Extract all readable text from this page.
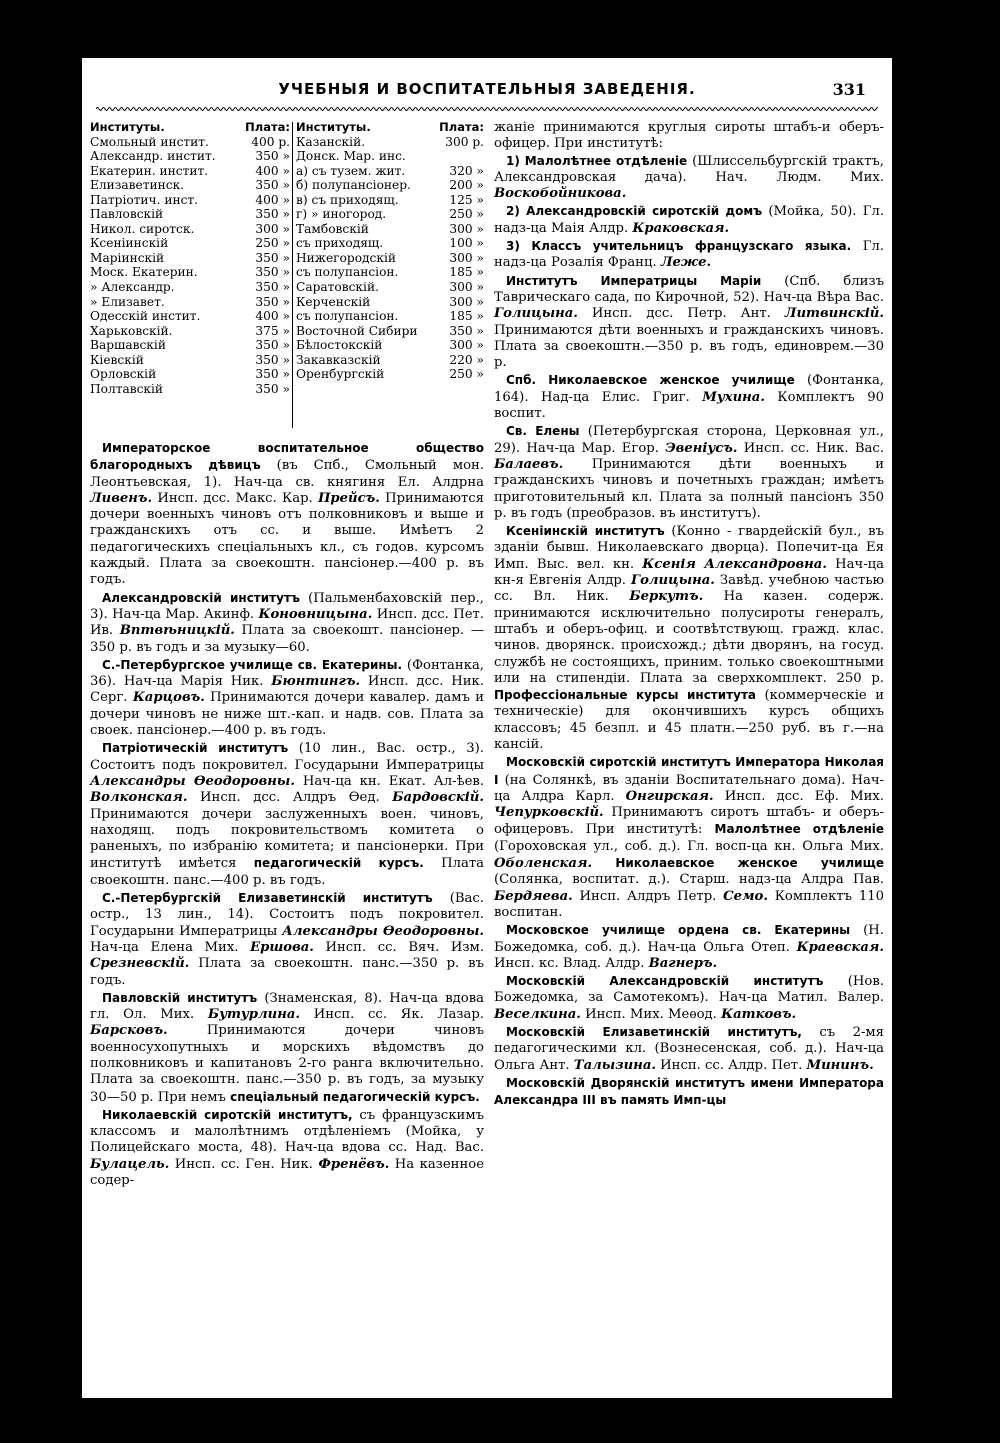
УЧЕБНЫЯ И ВОСПИТАТЕЛЬНЫЯ ЗАВЕДЕНІЯ.	331
Институты.	Плата:
Смольный инстит.	400 р.
Александр. инстит.	350 »
Екатерин. инстит.	400 »
Елизаветинск.	350 »
Патріотич. инст.	400 »
Павловскій	350 »
Никол. сиротск.	300 »
Ксеніинскій	250 »
Маріинскій	350 »
Моск. Екатерин.	350 »
» Александр.	350 »
» Елизавет.	350 »
Одесскій инстит.	400 »
Харьковскій.	375 »
Варшавскій	350 »
Кіевскій	350 »
Орловскій	350 »
Полтавскій	350 »
Институты.	Плата:
Казанскій.	300 р.
Донск. Мар. инс.
а) съ тузем. жит.	320 »
б) полупансіонер.	200 »
в) съ приходящ.	125 »
г) » иногород.	250 »
Тамбовскій	300 »
съ приходящ.	100 »
Нижегородскій	300 »
съ полупансіон.	185 »
Саратовскій.	300 »
Керченскій	300 »
съ полупансіон.	185 »
Восточной Сибири	350 »
Бѣлостокскій	300 »
Закавказскій	220 »
Оренбургскій	250 »

Императорское воспитательное общество благородныхъ дѣвицъ (въ Спб., Смольный мон. Леонтьевская, 1). Нач-ца св. княгиня Ел. Алдрна Ливенъ. Инсп. дсс. Макс. Кар. Прейсъ. Принимаются дочери военныхъ чиновъ отъ полковниковъ и выше и гражданскихъ отъ сс. и выше. Имѣетъ 2 педагогическихъ спеціальныхъ кл., съ годов. курсомъ каждый. Плата за своекоштн. пансіонер.—400 р. въ годъ.

Александровскій институтъ (Пальменбаховскій пер., 3). Нач-ца Мар. Акинф. Коновницына. Инсп. дсс. Пет. Ив. Вптвѣницкій. Плата за своекошт. пансіонер. — 350 р. въ годъ и за музыку—60.

С.-Петербургское училище св. Екатерины. (Фонтанка, 36). Нач-ца Марія Ник. Бюнтингъ. Инсп. дсс. Ник. Серг. Карцовъ. Принимаются дочери кавалер. дамъ и дочери чиновъ не ниже шт.-кап. и надв. сов. Плата за своек. пансіонер.—400 р. въ годъ.

Патріотическій институтъ (10 лин., Вас. остр., 3). Состоитъ подъ покровител. Государыни Императрицы Александры Ѳеодоровны. Нач-ца кн. Екат. Ал-ѣев. Волконская. Инсп. дсс. Алдръ Ѳед. Бардовскій. Принимаются дочери заслуженныхъ воен. чиновъ, находящ. подъ покровительствомъ комитета о раненыхъ, по избранію комитета; и пансіонерки. При институтѣ имѣется педагогическій курсъ. Плата своекоштн. панс.—400 р. въ годъ.

С.-Петербургскій Елизаветинскій институтъ (Вас. остр., 13 лин., 14). Состоитъ подъ покровител. Государыни Императрицы Александры Ѳеодоровны. Нач-ца Елена Мих. Ершова. Инсп. сс. Вяч. Изм. Срезневскій. Плата за своекоштн. панс.—350 р. въ годъ.

Павловскій институтъ (Знаменская, 8). Нач-ца вдова гл. Ол. Мих. Бутурлина. Инсп. сс. Як. Лазар. Барсковъ. Принимаются дочери чиновъ военносухопутныхъ и морскихъ вѣдомствъ до полковниковъ и капитановъ 2-го ранга включительно. Плата за своекоштн. панс.—350 р. въ годъ, за музыку 30—50 р. При немъ спеціальный педагогическій курсъ.

Николаевскій сиротскій институтъ, съ французскимъ классомъ и малолѣтнимъ отдѣленіемъ (Мойка, у Полицейскаго моста, 48). Нач-ца вдова сс. Над. Вас. Булацель. Инсп. сс. Ген. Ник. Френёвъ. На казенное содер-

жаніе принимаются круглыя сироты штабъ-и оберъ-офицер. При институтѣ:

1) Малолѣтнее отдѣленіе (Шлиссельбургскій трактъ, Александровская дача). Нач. Людм. Мих. Воскобойникова.

2) Александровскій сиротскій домъ (Мойка, 50). Гл. надз-ца Маія Алдр. Краковская.

3) Классъ учительницъ французскаго языка. Гл. надз-ца Розалія Франц. Леже.

Институтъ Императрицы Маріи (Спб. близъ Таврическаго сада, по Кирочной, 52). Нач-ца Вѣра Вас. Голицына. Инсп. дсс. Петр. Ант. Литвинскій. Принимаются дѣти военныхъ и гражданскихъ чиновъ. Плата за своекоштн.—350 р. въ годъ, единоврем.—30 р.

Спб. Николаевское женское училище (Фонтанка, 164). Над-ца Елис. Григ. Мухина. Комплектъ 90 воспит.

Св. Елены (Петербургская сторона, Церковная ул., 29). Нач-ца Мар. Егор. Эвенiусъ. Инсп. сс. Ник. Вас. Балаевъ. Принимаются дѣти военныхъ и гражданскихъ чиновъ и почетныхъ граждан; имѣетъ приготовительный кл. Плата за полный пансіонъ 350 р. въ годъ (преобразов. въ институтъ).

Ксеніинскій институтъ (Конно - гвардейскій бул., въ зданіи бывш. Николаевскаго дворца). Попечит-ца Ея Имп. Выс. вел. кн. Ксенія Александровна. Нач-ца кн-я Евгенія Алдр. Голицына. Завѣд. учебною частью сс. Вл. Ник. Беркутъ. На казен. содерж. принимаются исключительно полусироты генералъ, штабъ и оберъ-офиц. и соотвѣтствующ. гражд. клас. чинов. дворянск. происхожд.; дѣти дворянъ, на госуд. службѣ не состоящихъ, приним. только своекоштными или на стипендіи. Плата за сверхкомплект. 250 р. Профессіональные курсы института (коммерческіе и техническіе) для окончившихъ курсъ общихъ классовъ; 45 безпл. и 45 платн.—250 руб. въ г.—на кансій.

Московскій сиротскій институтъ Императора Николая I (на Солянкѣ, въ зданіи Воспитательнаго дома). Нач-ца Алдра Карл. Онгирская. Инсп. дсс. Еф. Мих. Чепурковскій. Принимаютъ сиротъ штабъ- и оберъ-офицеровъ. При институтѣ: Малолѣтнее отдѣленіе (Гороховская ул., соб. д.). Гл. восп-ца кн. Ольга Мих. Оболенская. Николаевское женское училище (Солянка, воспитат. д.). Старш. надз-ца Алдра Пав. Бердяева. Инсп. Алдръ Петр. Семо. Комплектъ 110 воспитан.

Московское училище ордена св. Екатерины (Н. Божедомка, соб. д.). Нач-ца Ольга Отеп. Краевская. Инсп. кс. Влад. Алдр. Вагнеръ.

Московскій Александровскій институтъ (Нов. Божедомка, за Самотекомъ). Нач-ца Матил. Валер. Веселкина. Инсп. Мих. Меѳод. Катковъ.

Московскій Елизаветинскій институтъ, съ 2-мя педагогическими кл. (Вознесенская, соб. д.). Нач-ца Ольга Ант. Талызина. Инсп. сс. Алдр. Пет. Мининъ.

Московскій Дворянскій институтъ имени Императора Александра III въ память Имп-цы
